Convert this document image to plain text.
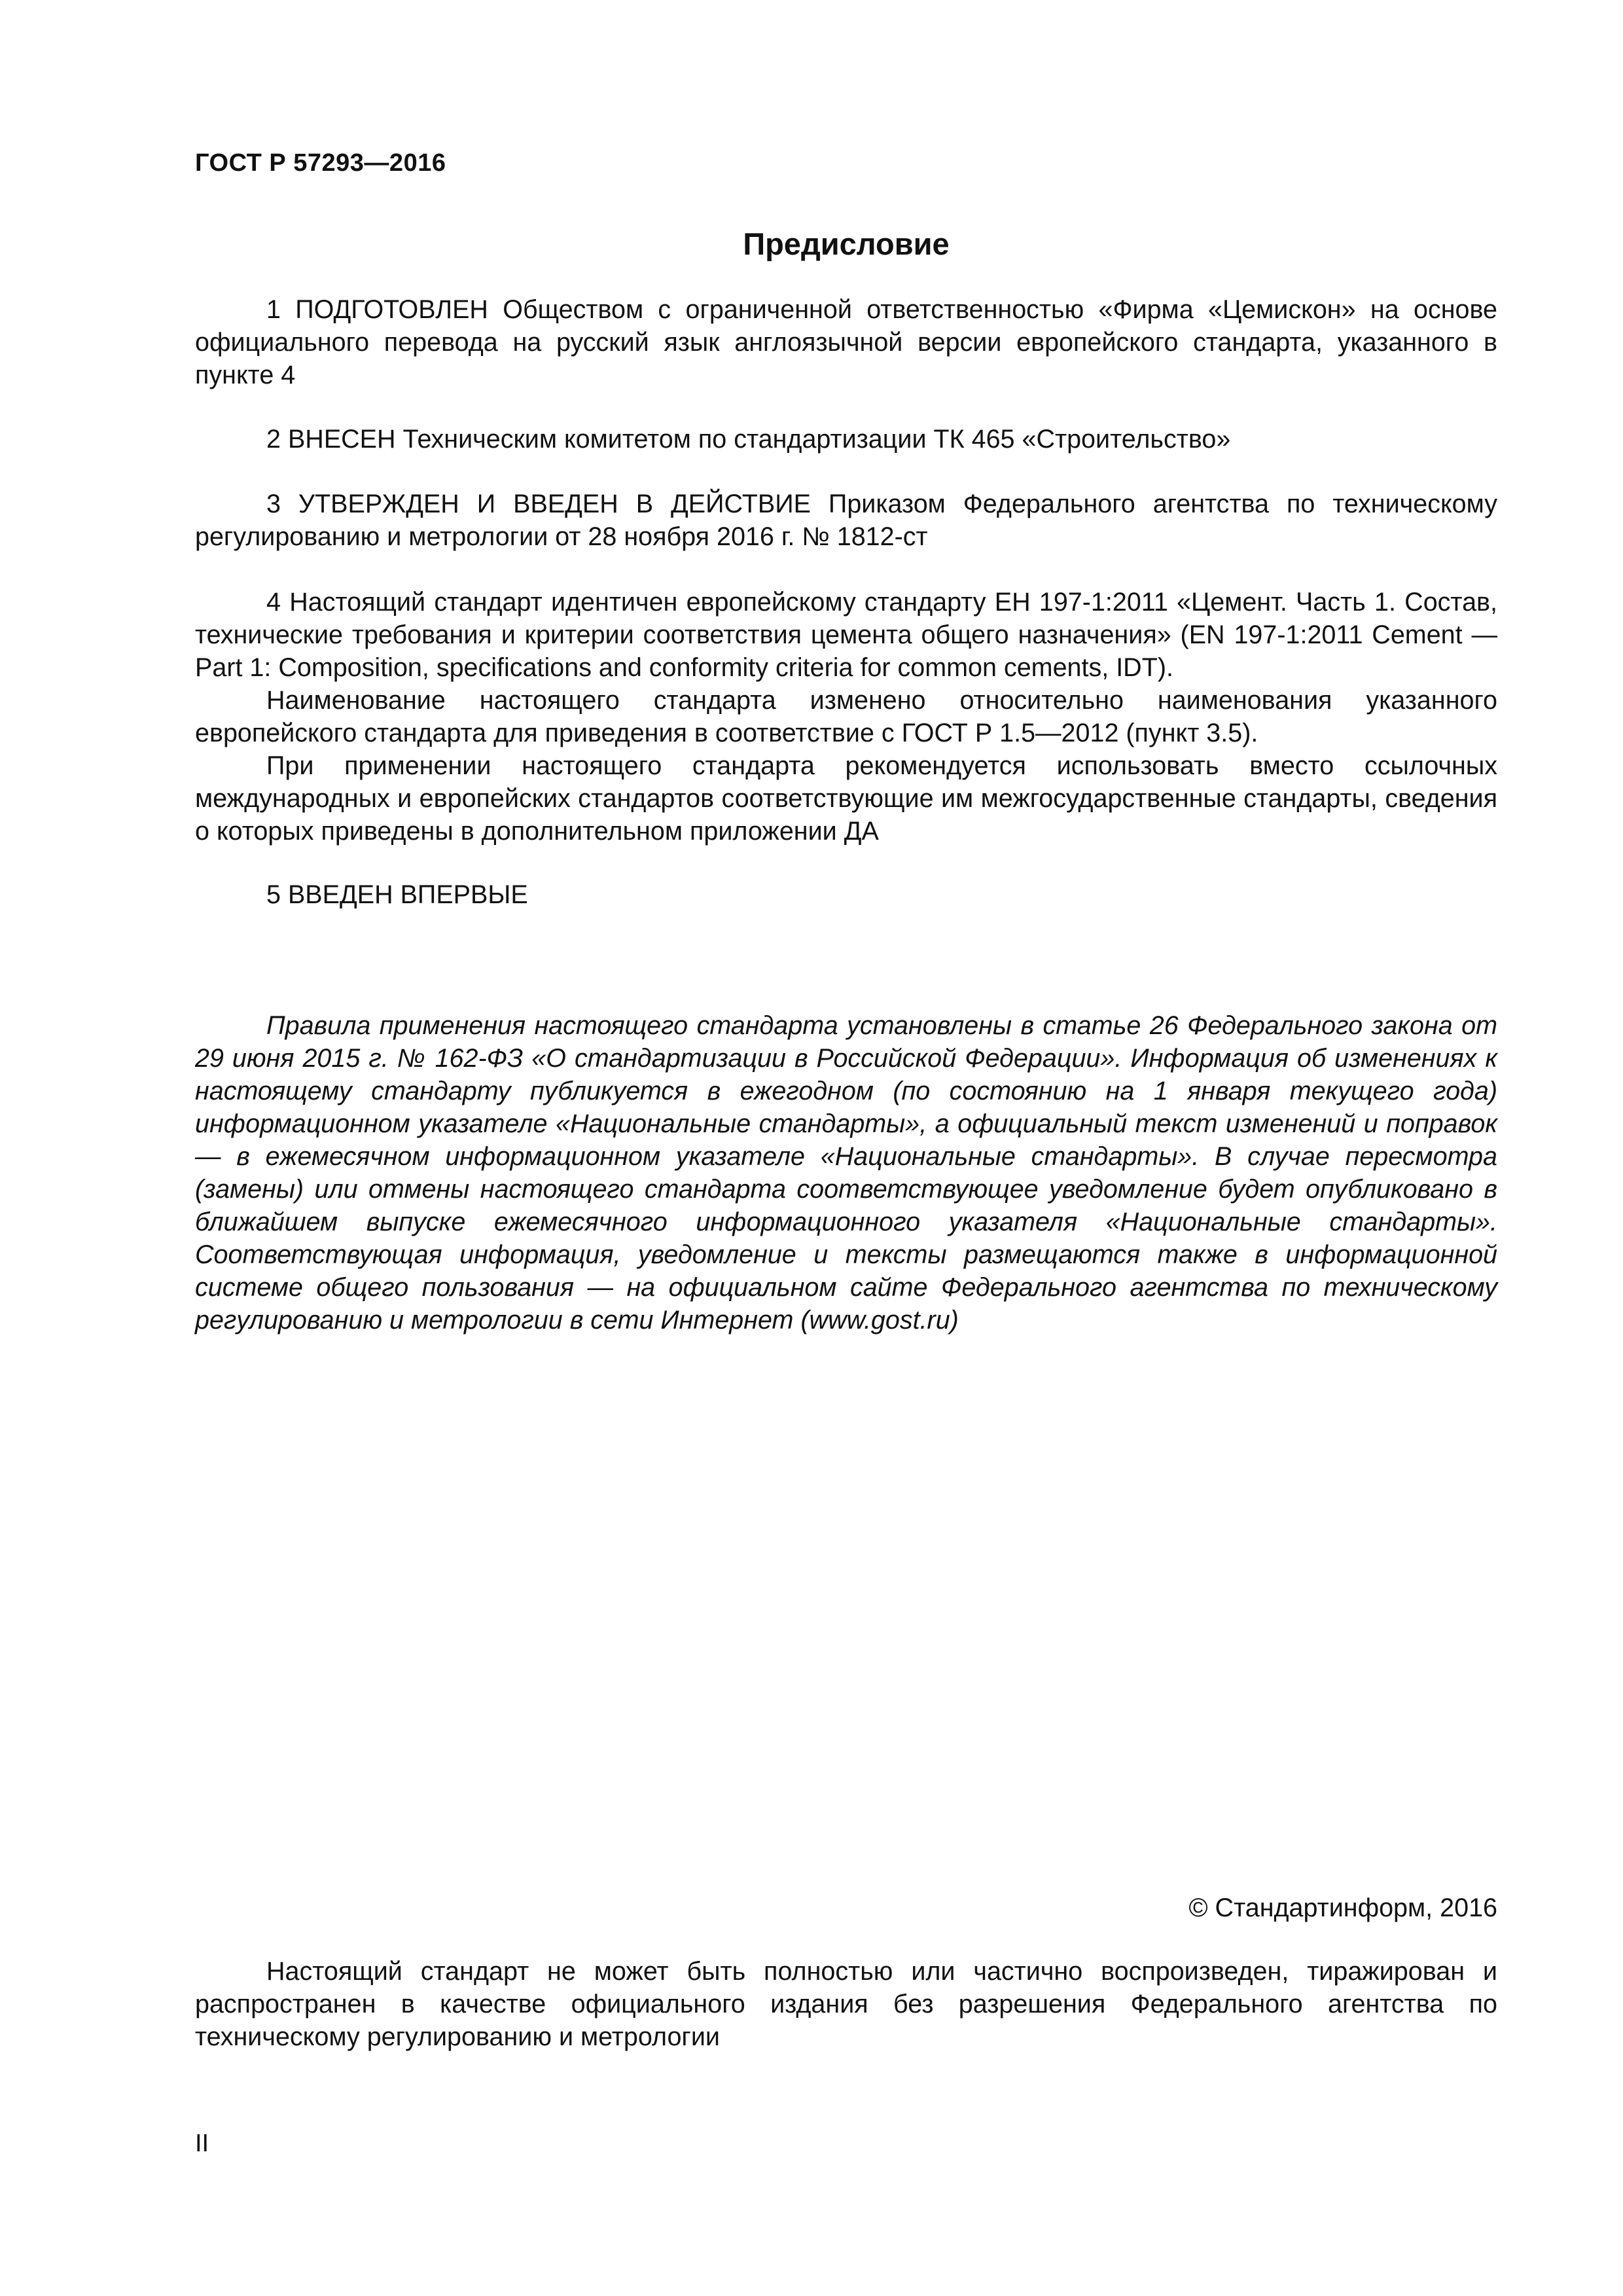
ГОСТ Р 57293—2016
Предисловие

1 ПОДГОТОВЛЕН Обществом с ограниченной ответственностью «Фирма «Цемискон» на основе официального перевода на русский язык англоязычной версии европейского стандарта, указанного в пункте 4

2 ВНЕСЕН Техническим комитетом по стандартизации ТК 465 «Строительство»

3 УТВЕРЖДЕН И ВВЕДЕН В ДЕЙСТВИЕ Приказом Федерального агентства по техническому регулированию и метрологии от 28 ноября 2016 г. № 1812-ст

4 Настоящий стандарт идентичен европейскому стандарту ЕН 197-1:2011 «Цемент. Часть 1. Состав, технические требования и критерии соответствия цемента общего назначения» (EN 197-1:2011 Cement — Part 1: Composition, specifications and conformity criteria for common cements, IDT).

Наименование настоящего стандарта изменено относительно наименования указанного европейского стандарта для приведения в соответствие с ГОСТ Р 1.5—2012 (пункт 3.5).

При применении настоящего стандарта рекомендуется использовать вместо ссылочных международных и европейских стандартов соответствующие им межгосударственные стандарты, сведения о которых приведены в дополнительном приложении ДА

5 ВВЕДЕН ВПЕРВЫЕ

Правила применения настоящего стандарта установлены в статье 26 Федерального закона от 29 июня 2015 г. № 162-ФЗ «О стандартизации в Российской Федерации». Информация об изменениях к настоящему стандарту публикуется в ежегодном (по состоянию на 1 января текущего года) информационном указателе «Национальные стандарты», а официальный текст изменений и поправок — в ежемесячном информационном указателе «Национальные стандарты». В случае пересмотра (замены) или отмены настоящего стандарта соответствующее уведомление будет опубликовано в ближайшем выпуске ежемесячного информационного указателя «Национальные стандарты». Соответствующая информация, уведомление и тексты размещаются также в информационной системе общего пользования — на официальном сайте Федерального агентства по техническому регулированию и метрологии в сети Интернет (www.gost.ru)

© Стандартинформ, 2016

Настоящий стандарт не может быть полностью или частично воспроизведен, тиражирован и распространен в качестве официального издания без разрешения Федерального агентства по техническому регулированию и метрологии

II
